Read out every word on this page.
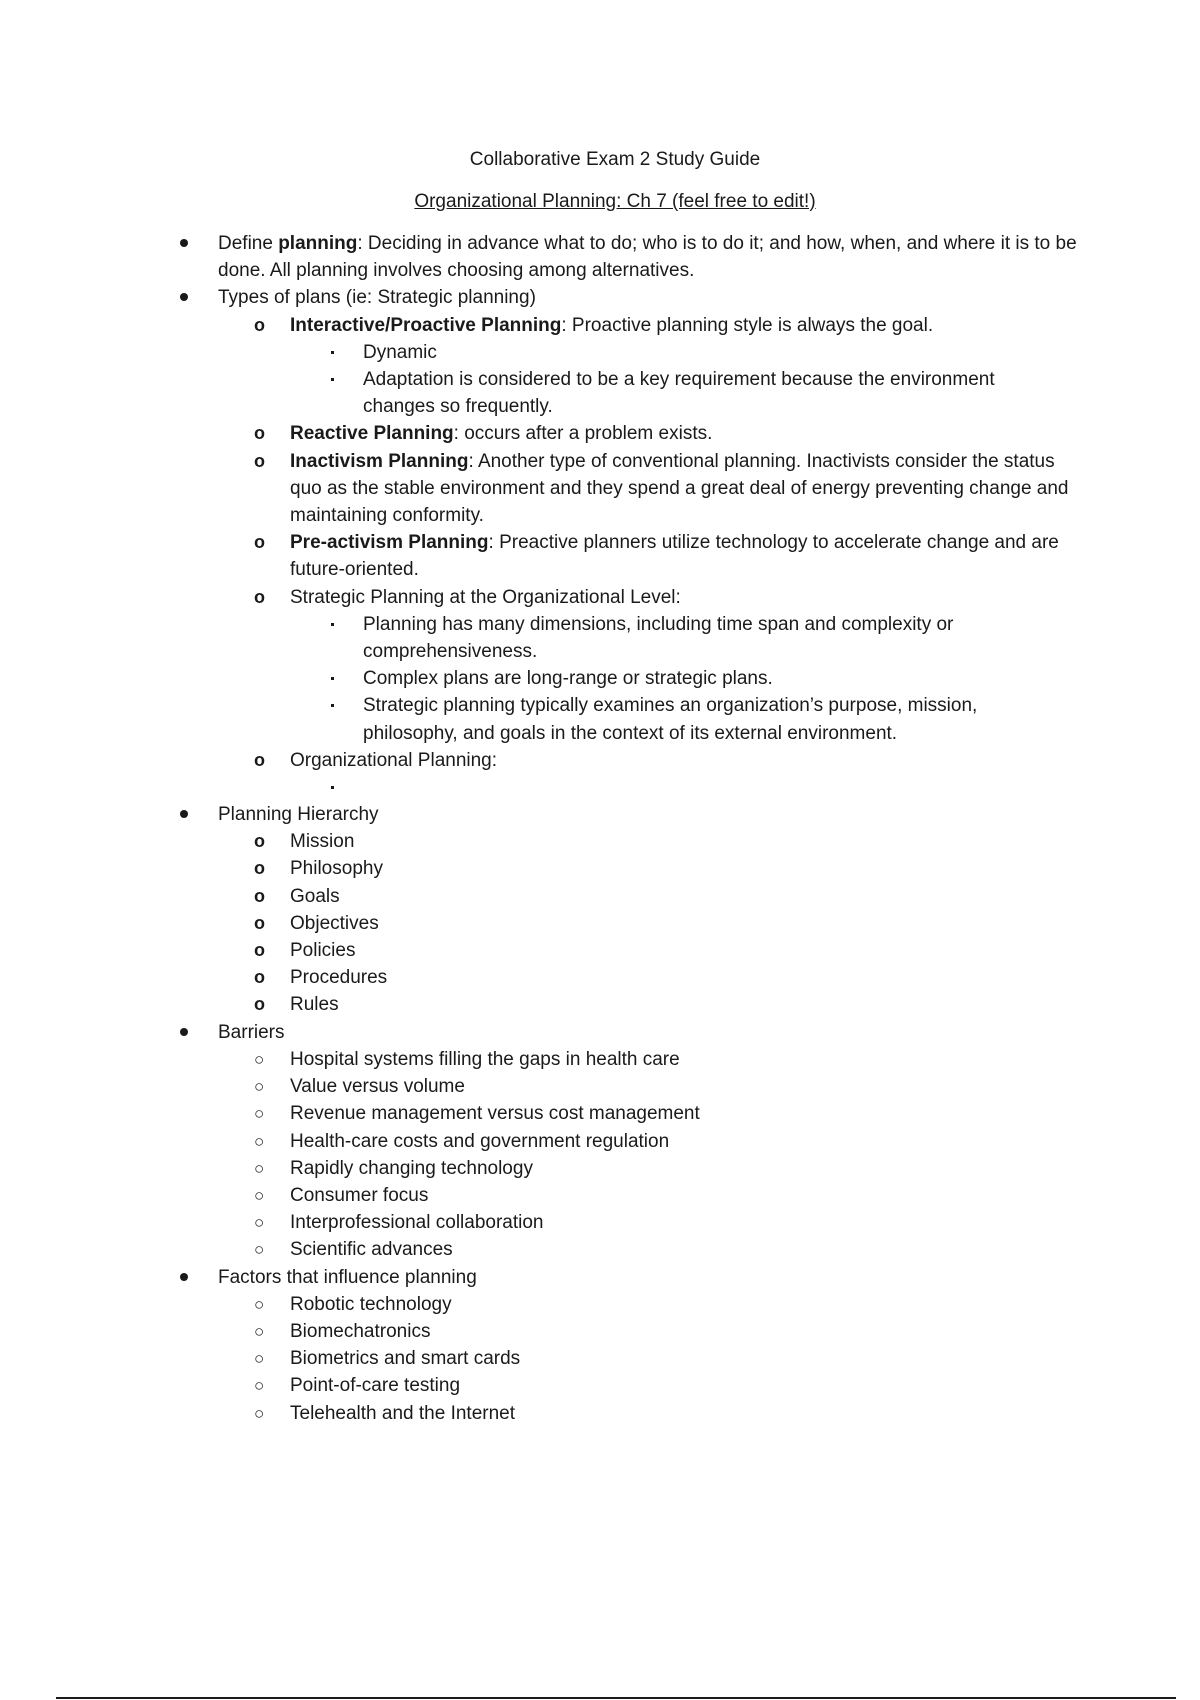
Collaborative Exam 2 Study Guide
Organizational Planning: Ch 7 (feel free to edit!)
Define planning: Deciding in advance what to do; who is to do it; and how, when, and where it is to be done. All planning involves choosing among alternatives.
Types of plans (ie: Strategic planning)
o Interactive/Proactive Planning: Proactive planning style is always the goal.
Dynamic
Adaptation is considered to be a key requirement because the environment changes so frequently.
o Reactive Planning: occurs after a problem exists.
o Inactivism Planning: Another type of conventional planning. Inactivists consider the status quo as the stable environment and they spend a great deal of energy preventing change and maintaining conformity.
o Pre-activism Planning: Preactive planners utilize technology to accelerate change and are future-oriented.
o Strategic Planning at the Organizational Level:
Planning has many dimensions, including time span and complexity or comprehensiveness.
Complex plans are long-range or strategic plans.
Strategic planning typically examines an organization’s purpose, mission, philosophy, and goals in the context of its external environment.
o Organizational Planning:
Planning Hierarchy
o Mission
o Philosophy
o Goals
o Objectives
o Policies
o Procedures
o Rules
Barriers
○ Hospital systems filling the gaps in health care
○ Value versus volume
○ Revenue management versus cost management
○ Health-care costs and government regulation
○ Rapidly changing technology
○ Consumer focus
○ Interprofessional collaboration
○ Scientific advances
Factors that influence planning
○ Robotic technology
○ Biomechatronics
○ Biometrics and smart cards
○ Point-of-care testing
○ Telehealth and the Internet
